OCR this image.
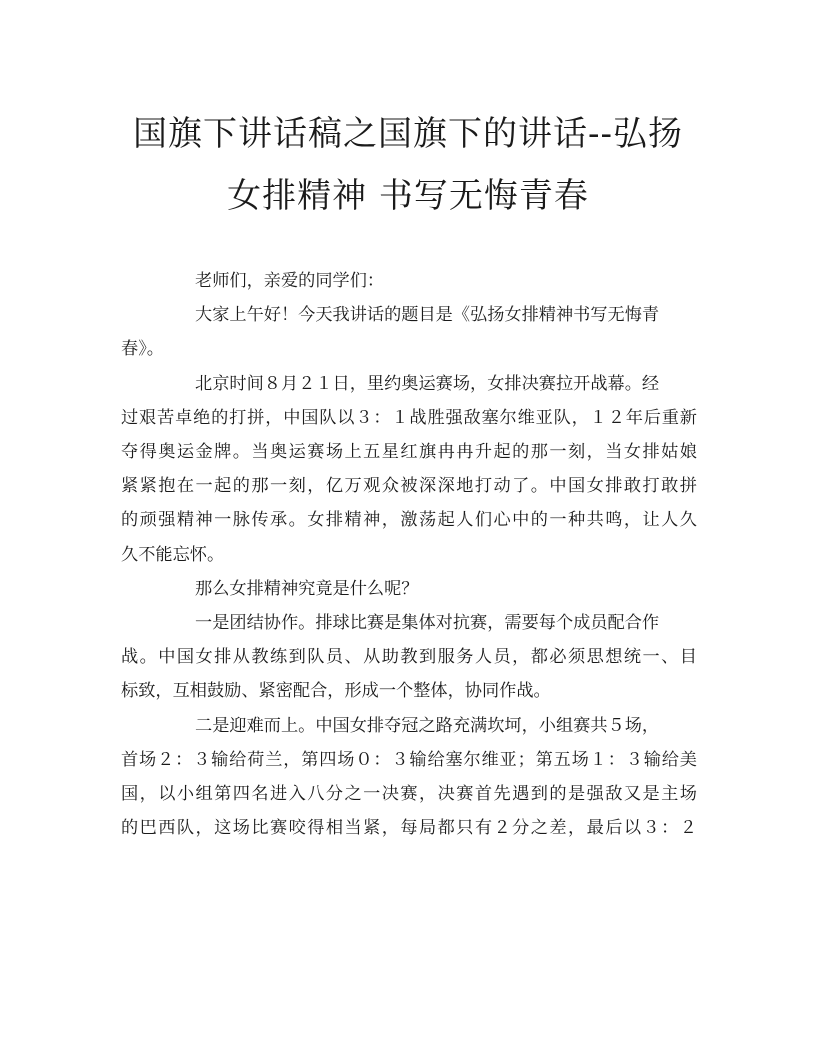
国旗下讲话稿之国旗下的讲话--弘扬
女排精神 书写无悔青春

老师们，亲爱的同学们：

大家上午好！今天我讲话的题目是《弘扬女排精神书写无悔青
春》。

北京时间８月２１日，里约奥运赛场，女排决赛拉开战幕。经
过艰苦卓绝的打拼，中国队以３：１战胜强敌塞尔维亚队，１２年后重新
夺得奥运金牌。当奥运赛场上五星红旗冉冉升起的那一刻，当女排姑娘
紧紧抱在一起的那一刻，亿万观众被深深地打动了。中国女排敢打敢拼
的顽强精神一脉传承。女排精神，激荡起人们心中的一种共鸣，让人久
久不能忘怀。

那么女排精神究竟是什么呢？

一是团结协作。排球比赛是集体对抗赛，需要每个成员配合作
战。中国女排从教练到队员、从助教到服务人员，都必须思想统一、目
标致，互相鼓励、紧密配合，形成一个整体，协同作战。

二是迎难而上。中国女排夺冠之路充满坎坷，小组赛共５场，
首场２：３输给荷兰，第四场０：３输给塞尔维亚；第五场１：３输给美
国，以小组第四名进入八分之一决赛，决赛首先遇到的是强敌又是主场
的巴西队，这场比赛咬得相当紧，每局都只有２分之差，最后以３：２
